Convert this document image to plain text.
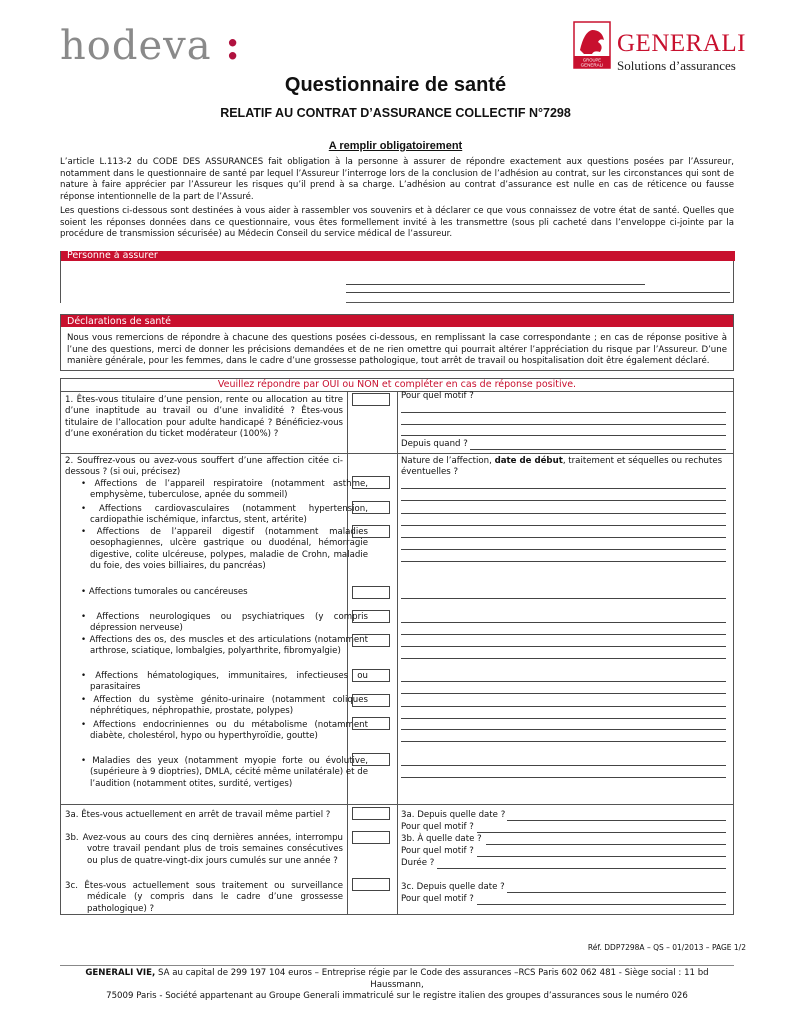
hodeva :	GROUPE
GENERALI
GENERALI
Solutions d’assurances
Questionnaire de santé
RELATIF AU CONTRAT D’ASSURANCE COLLECTIF N°7298
A remplir obligatoirement

L’article L.113-2 du CODE DES ASSURANCES fait obligation à la personne à assurer de répondre exactement aux questions posées par l’Assureur, notamment dans le questionnaire de santé par lequel l’Assureur l’interroge lors de la conclusion de l’adhésion au contrat, sur les circonstances qui sont de nature à faire apprécier par l’Assureur les risques qu’il prend à sa charge. L’adhésion au contrat d’assurance est nulle en cas de réticence ou fausse réponse intentionnelle de la part de l’Assuré.

Les questions ci-dessous sont destinées à vous aider à rassembler vos souvenirs et à déclarer ce que vous connaissez de votre état de santé. Quelles que soient les réponses données dans ce questionnaire, vous êtes formellement invité à les transmettre (sous pli cacheté dans l’enveloppe ci-jointe par la procédure de transmission sécurisée) au Médecin Conseil du service médical de l’assureur.

Personne à assurer
Déclarations de santé
Nous vous remercions de répondre à chacune des questions posées ci-dessous, en remplissant la case correspondante ; en cas de réponse positive à l’une des questions, merci de donner les précisions demandées et de ne rien omettre qui pourrait altérer l’appréciation du risque par l’Assureur. D’une manière générale, pour les femmes, dans le cadre d’une grossesse pathologique, tout arrêt de travail ou hospitalisation doit être également déclaré.
Veuillez répondre par OUI ou NON et compléter en cas de réponse positive.
1. Êtes-vous titulaire d’une pension, rente ou allocation au titre d’une inaptitude au travail ou d’une invalidité ? Êtes-vous titulaire de l’allocation pour adulte handicapé ? Bénéficiez-vous d’une exonération du ticket modérateur (100%) ?
Pour quel motif ?
Depuis quand ?
2. Souffrez-vous ou avez-vous souffert d’une affection citée ci-dessous ? (si oui, précisez)
Nature de l’affection, date de début, traitement et séquelles ou rechutes éventuelles ?
• Affections de l’appareil respiratoire (notamment asthme, emphysème, tuberculose, apnée du sommeil)
• Affections cardiovasculaires (notamment hypertension, cardiopathie ischémique, infarctus, stent, artérite)
• Affections de l’appareil digestif (notamment maladies oesophagiennes, ulcère gastrique ou duodénal, hémorragie digestive, colite ulcéreuse, polypes, maladie de Crohn, maladie du foie, des voies billiaires, du pancréas)
• Affections tumorales ou cancéreuses
• Affections neurologiques ou psychiatriques (y compris dépression nerveuse)
• Affections des os, des muscles et des articulations (notamment arthrose, sciatique, lombalgies, polyarthrite, fibromyalgie)
• Affections hématologiques, immunitaires, infectieuses ou parasitaires
• Affection du système génito-urinaire (notamment coliques néphrétiques, néphropathie, prostate, polypes)
• Affections endocriniennes ou du métabolisme (notamment diabète, cholestérol, hypo ou hyperthyroïdie, goutte)
• Maladies des yeux (notamment myopie forte ou évolutive, (supérieure à 9 dioptries), DMLA, cécité même unilatérale) et de l’audition (notamment otites, surdité, vertiges)
3a. Êtes-vous actuellement en arrêt de travail même partiel ?
3b. Avez-vous au cours des cinq dernières années, interrompu votre travail pendant plus de trois semaines consécutives ou plus de quatre-vingt-dix jours cumulés sur une année ?
3c. Êtes-vous actuellement sous traitement ou surveillance médicale (y compris dans le cadre d’une grossesse pathologique) ?
3a. Depuis quelle date ?
Pour quel motif ?
3b. À quelle date ?
Pour quel motif ?
Durée ?
3c. Depuis quelle date ?
Pour quel motif ?
Réf. DDP7298A – QS – 01/2013 – PAGE 1/2
GENERALI VIE, SA au capital de 299 197 104 euros – Entreprise régie par le Code des assurances –RCS Paris 602 062 481 - Siège social : 11 bd Haussmann,
75009 Paris - Société appartenant au Groupe Generali immatriculé sur le registre italien des groupes d’assurances sous le numéro 026
